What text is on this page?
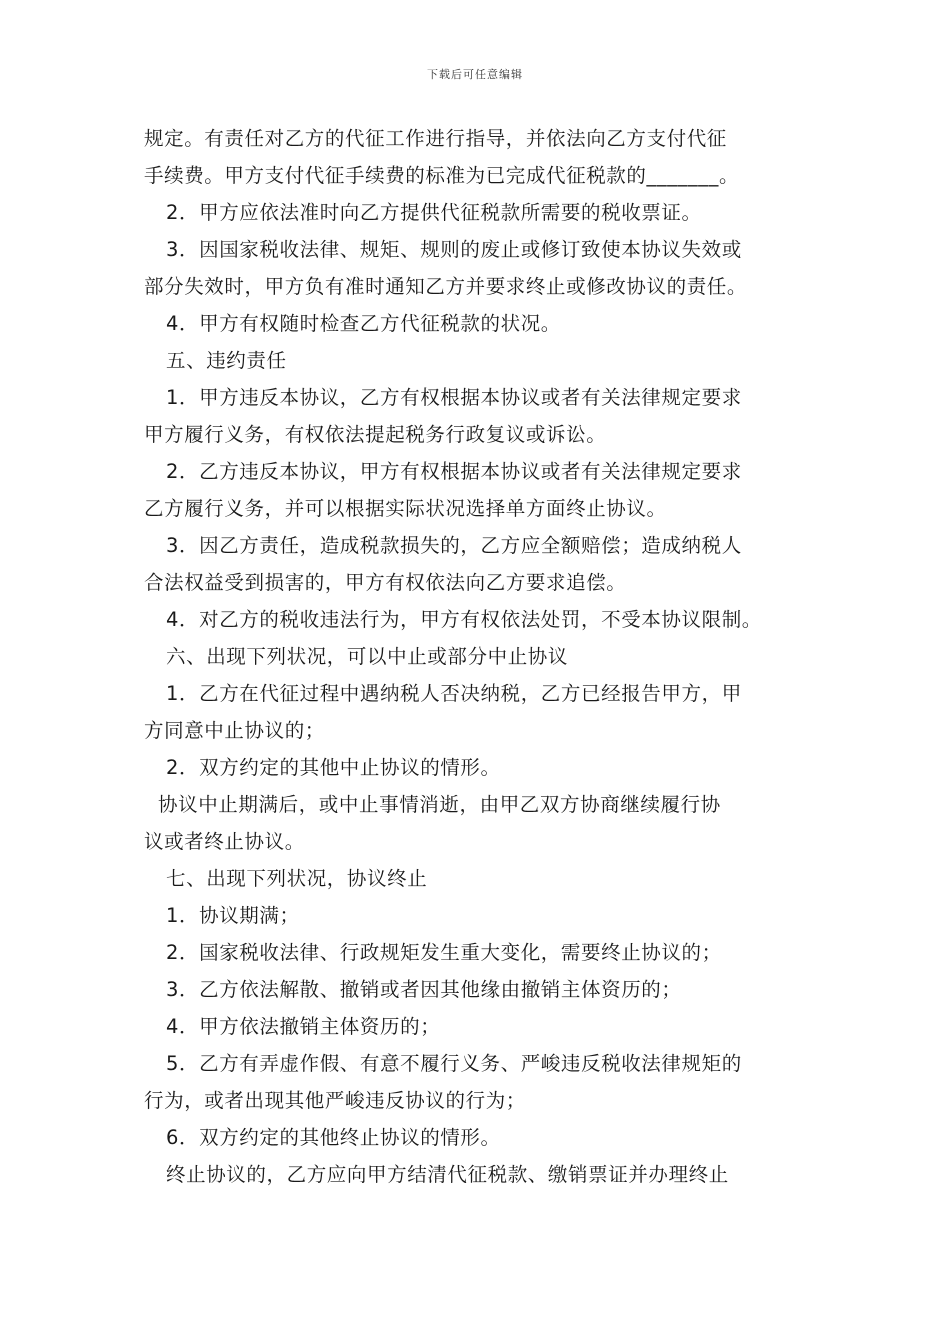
下载后可任意编辑
规定。有责任对乙方的代征工作进行指导，并依法向乙方支付代征
手续费。甲方支付代征手续费的标准为已完成代征税款的_______。
2．甲方应依法准时向乙方提供代征税款所需要的税收票证。
3．因国家税收法律、规矩、规则的废止或修订致使本协议失效或
部分失效时，甲方负有准时通知乙方并要求终止或修改协议的责任。
4．甲方有权随时检查乙方代征税款的状况。
五、违约责任
1．甲方违反本协议，乙方有权根据本协议或者有关法律规定要求
甲方履行义务，有权依法提起税务行政复议或诉讼。
2．乙方违反本协议，甲方有权根据本协议或者有关法律规定要求
乙方履行义务，并可以根据实际状况选择单方面终止协议。
3．因乙方责任，造成税款损失的，乙方应全额赔偿；造成纳税人
合法权益受到损害的，甲方有权依法向乙方要求追偿。
4．对乙方的税收违法行为，甲方有权依法处罚，不受本协议限制。
六、出现下列状况，可以中止或部分中止协议
1．乙方在代征过程中遇纳税人否决纳税，乙方已经报告甲方，甲
方同意中止协议的；
2．双方约定的其他中止协议的情形。
协议中止期满后，或中止事情消逝，由甲乙双方协商继续履行协
议或者终止协议。
七、出现下列状况，协议终止
1．协议期满；
2．国家税收法律、行政规矩发生重大变化，需要终止协议的；
3．乙方依法解散、撤销或者因其他缘由撤销主体资历的；
4．甲方依法撤销主体资历的；
5．乙方有弄虚作假、有意不履行义务、严峻违反税收法律规矩的
行为，或者出现其他严峻违反协议的行为；
6．双方约定的其他终止协议的情形。
终止协议的，乙方应向甲方结清代征税款、缴销票证并办理终止
